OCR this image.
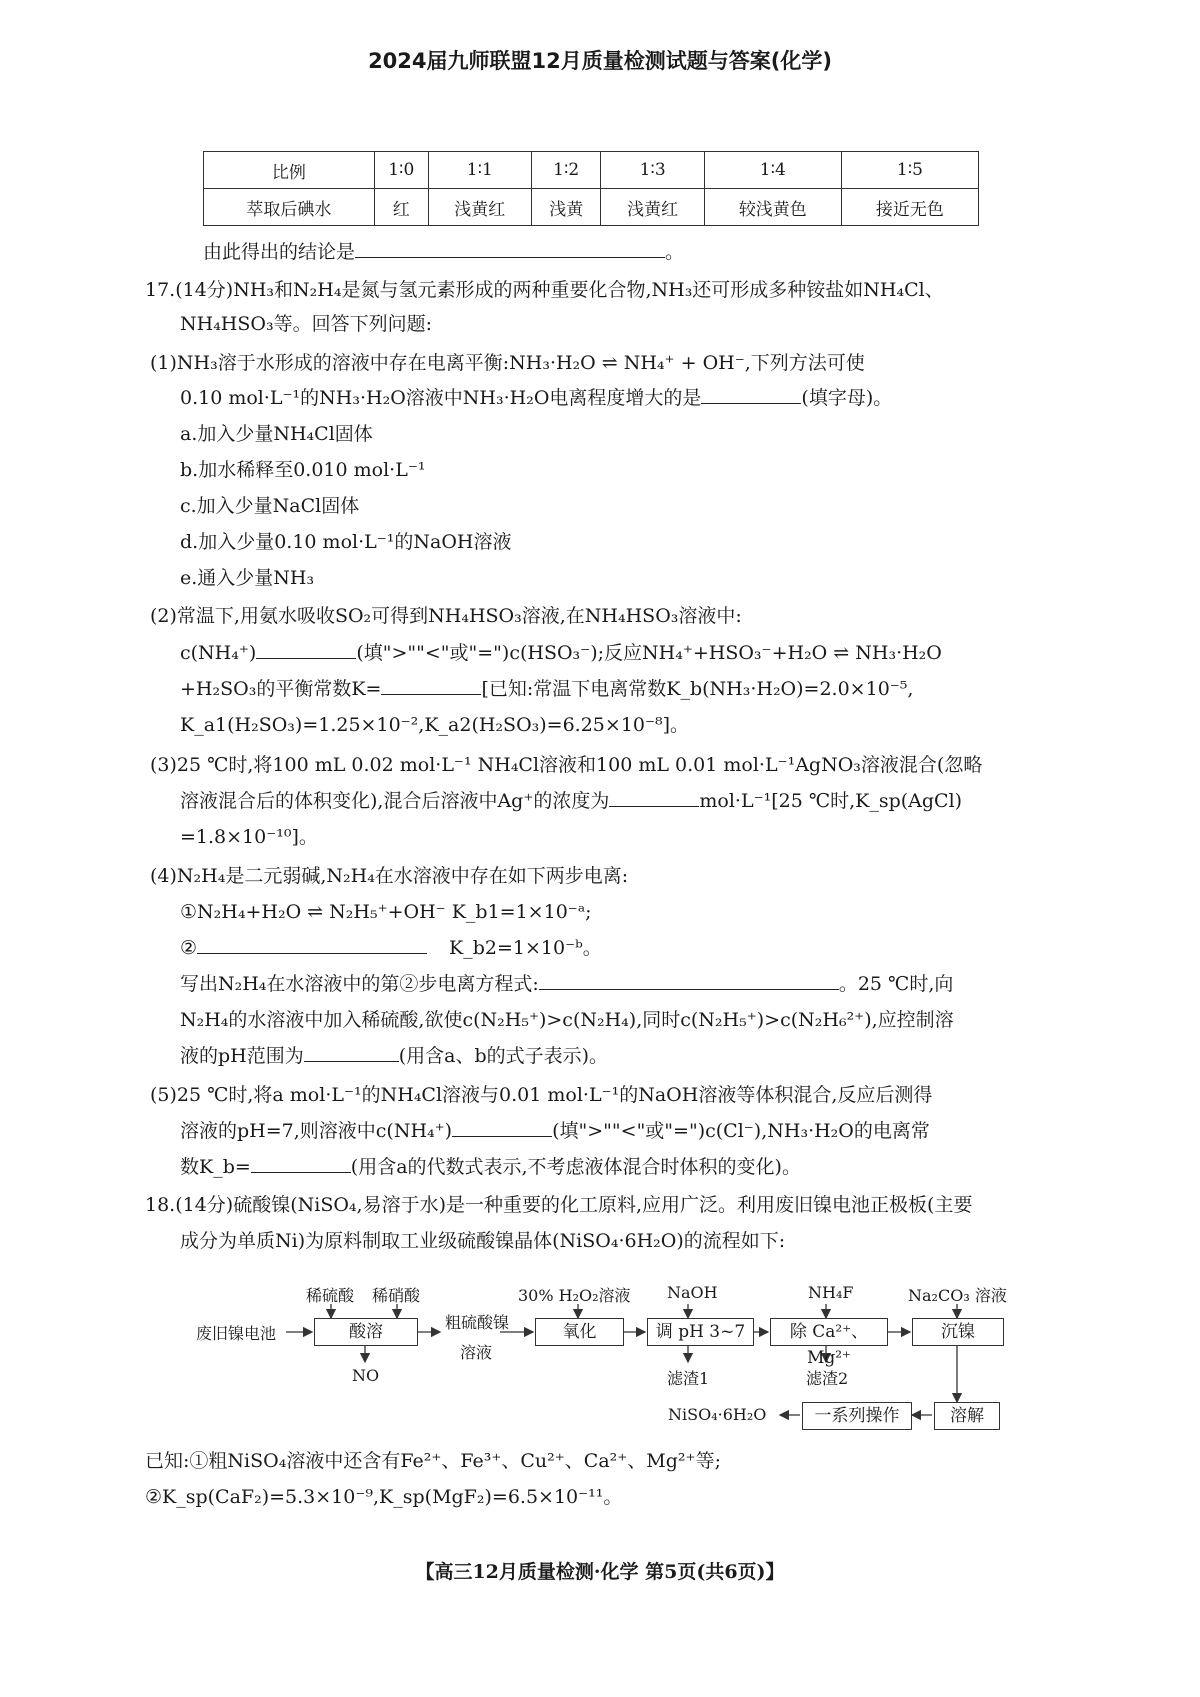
2024届九师联盟12月质量检测试题与答案(化学)
比例	1∶0	1∶1	1∶2	1∶3	1∶4	1∶5
萃取后碘水	红	浅黄红	浅黄	浅黄红	较浅黄色	接近无色
由此得出的结论是	。
17.(14分)NH₃和N₂H₄是氮与氢元素形成的两种重要化合物,NH₃还可形成多种铵盐如NH₄Cl、
NH₄HSO₃等。回答下列问题:
(1)NH₃溶于水形成的溶液中存在电离平衡:NH₃·H₂O ⇌ NH₄⁺ + OH⁻,下列方法可使
0.10 mol·L⁻¹的NH₃·H₂O溶液中NH₃·H₂O电离程度增大的是	(填字母)。
a.加入少量NH₄Cl固体
b.加水稀释至0.010 mol·L⁻¹
c.加入少量NaCl固体
d.加入少量0.10 mol·L⁻¹的NaOH溶液
e.通入少量NH₃
(2)常温下,用氨水吸收SO₂可得到NH₄HSO₃溶液,在NH₄HSO₃溶液中:
c(NH₄⁺)	(填">""<"或"=")c(HSO₃⁻);反应NH₄⁺+HSO₃⁻+H₂O ⇌ NH₃·H₂O
+H₂SO₃的平衡常数K=	[已知:常温下电离常数K_b(NH₃·H₂O)=2.0×10⁻⁵,
K_a1(H₂SO₃)=1.25×10⁻²,K_a2(H₂SO₃)=6.25×10⁻⁸]。
(3)25 ℃时,将100 mL 0.02 mol·L⁻¹ NH₄Cl溶液和100 mL 0.01 mol·L⁻¹AgNO₃溶液混合(忽略
溶液混合后的体积变化),混合后溶液中Ag⁺的浓度为	mol·L⁻¹[25 ℃时,K_sp(AgCl)
=1.8×10⁻¹⁰]。
(4)N₂H₄是二元弱碱,N₂H₄在水溶液中存在如下两步电离:
①N₂H₄+H₂O ⇌ N₂H₅⁺+OH⁻ K_b1=1×10⁻ᵃ;
②	K_b2=1×10⁻ᵇ。
写出N₂H₄在水溶液中的第②步电离方程式:	。25 ℃时,向
N₂H₄的水溶液中加入稀硫酸,欲使c(N₂H₅⁺)>c(N₂H₄),同时c(N₂H₅⁺)>c(N₂H₆²⁺),应控制溶
液的pH范围为	(用含a、b的式子表示)。
(5)25 ℃时,将a mol·L⁻¹的NH₄Cl溶液与0.01 mol·L⁻¹的NaOH溶液等体积混合,反应后测得
溶液的pH=7,则溶液中c(NH₄⁺)	(填">""<"或"=")c(Cl⁻),NH₃·H₂O的电离常
数K_b=	(用含a的代数式表示,不考虑液体混合时体积的变化)。
18.(14分)硫酸镍(NiSO₄,易溶于水)是一种重要的化工原料,应用广泛。利用废旧镍电池正极板(主要
成分为单质Ni)为原料制取工业级硫酸镍晶体(NiSO₄·6H₂O)的流程如下:
废旧镍电池
稀硫酸 稀硝酸
酸溶
NO
粗硫酸镍
溶液
30% H₂O₂溶液
氧化
NaOH
调 pH 3~7
滤渣1
NH₄F
除 Ca²⁺、Mg²⁺
滤渣2
Na₂CO₃ 溶液
沉镍
溶解
一系列操作
NiSO₄·6H₂O
已知:①粗NiSO₄溶液中还含有Fe²⁺、Fe³⁺、Cu²⁺、Ca²⁺、Mg²⁺等;
②K_sp(CaF₂)=5.3×10⁻⁹,K_sp(MgF₂)=6.5×10⁻¹¹。
【高三12月质量检测·化学 第5页(共6页)】
